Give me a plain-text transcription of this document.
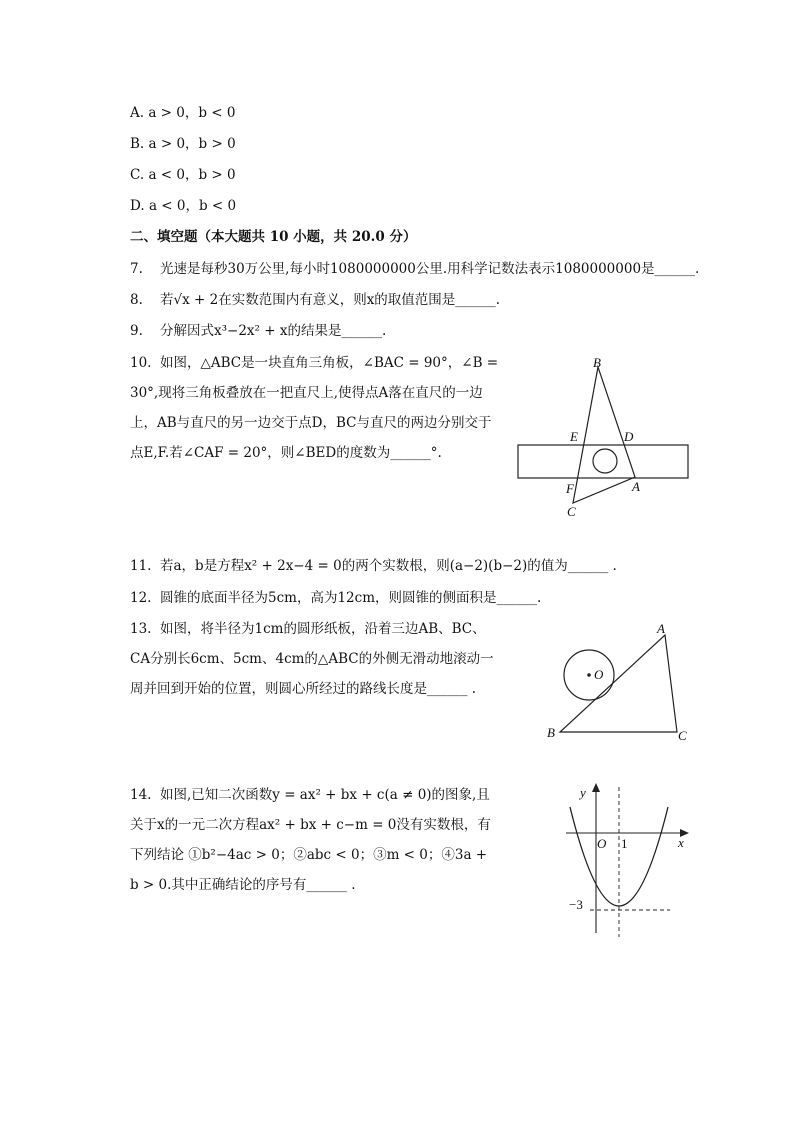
A. a > 0，b < 0
B. a > 0，b > 0
C. a < 0，b > 0
D. a < 0，b < 0
二、填空题（本大题共 10 小题，共 20.0 分）
7. 光速是每秒30万公里,每小时1080000000公里.用科学记数法表示1080000000是______.
8. 若√x + 2在实数范围内有意义，则x的取值范围是______.
9. 分解因式x³−2x² + x的结果是______.
10. 如图，△ABC是一块直角三角板，∠BAC = 90°，∠B = 30°,现将三角板叠放在一把直尺上,使得点A落在直尺的一边上，AB与直尺的另一边交于点D，BC与直尺的两边分别交于点E,F.若∠CAF = 20°，则∠BED的度数为______°.
B
E	D
F	A
C
11. 若a，b是方程x² + 2x−4 = 0的两个实数根，则(a−2)(b−2)的值为______ .
12. 圆锥的底面半径为5cm，高为12cm，则圆锥的侧面积是______.
13. 如图，将半径为1cm的圆形纸板，沿着三边AB、BC、CA分别长6cm、5cm、4cm的△ABC的外侧无滑动地滚动一周并回到开始的位置，则圆心所经过的路线长度是______ .
A
O
B	C
14. 如图,已知二次函数y = ax² + bx + c(a ≠ 0)的图象,且关于x的一元二次方程ax² + bx + c−m = 0没有实数根，有下列结论 ①b²−4ac > 0；②abc < 0；③m < 0；④3a + b > 0.其中正确结论的序号有______ .
y
x
O 1
−3
